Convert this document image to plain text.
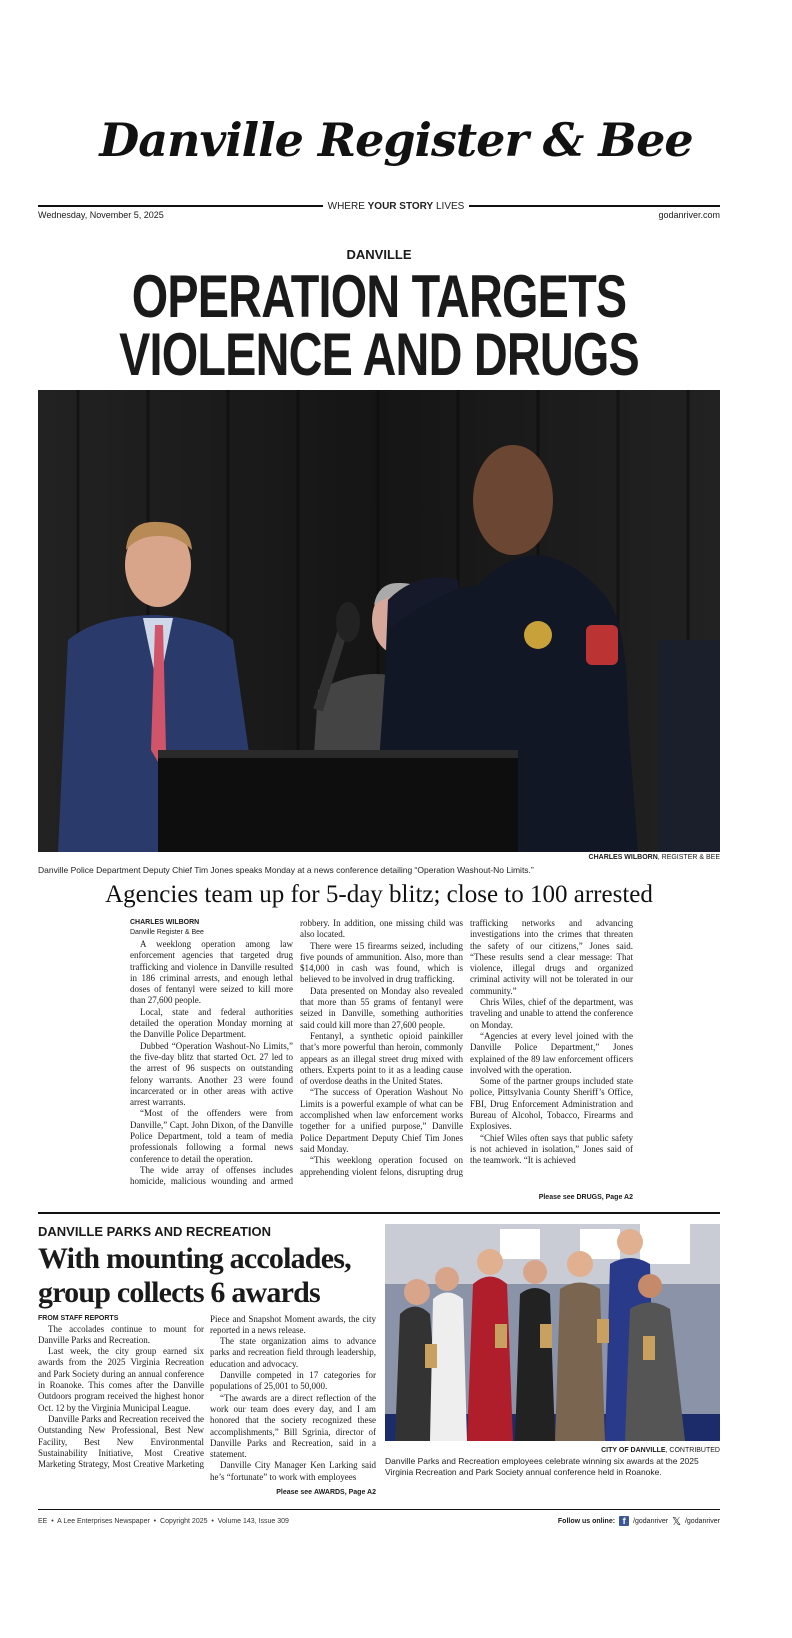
Danville Register & Bee
WHERE YOUR STORY LIVES
Wednesday, November 5, 2025	godanriver.com
DANVILLE
OPERATION TARGETS
VIOLENCE AND DRUGS
CHARLES WILBORN, REGISTER & BEE
Danville Police Department Deputy Chief Tim Jones speaks Monday at a news conference detailing “Operation Washout-No Limits.”
Agencies team up for 5-day blitz; close to 100 arrested

CHARLES WILBORN

Danville Register & Bee

A weeklong operation among law enforcement agencies that targeted drug trafficking and violence in Danville resulted in 186 criminal arrests, and enough lethal doses of fentanyl were seized to kill more than 27,600 people.

Local, state and federal authorities detailed the operation Monday morning at the Danville Police Department.

Dubbed “Operation Washout-No Limits,” the five-day blitz that started Oct. 27 led to the arrest of 96 suspects on outstanding felony warrants. Another 23 were found incarcerated or in other areas with active arrest warrants.

“Most of the offenders were from Danville,” Capt. John Dixon, of the Danville Police Department, told a team of media professionals following a formal news conference to detail the operation.

The wide array of offenses includes homicide, malicious wounding and armed robbery. In addition, one missing child was also located.

There were 15 firearms seized, including five pounds of ammunition. Also, more than $14,000 in cash was found, which is believed to be involved in drug trafficking.

Data presented on Monday also revealed that more than 55 grams of fentanyl were seized in Danville, something authorities said could kill more than 27,600 people.

Fentanyl, a synthetic opioid painkiller that’s more powerful than heroin, commonly appears as an illegal street drug mixed with others. Experts point to it as a leading cause of overdose deaths in the United States.

“The success of Operation Washout No Limits is a powerful example of what can be accomplished when law enforcement works together for a unified purpose,” Danville Police Department Deputy Chief Tim Jones said Monday.

“This weeklong operation focused on apprehending violent felons, disrupting drug trafficking networks and advancing investigations into the crimes that threaten the safety of our citizens,” Jones said. “These results send a clear message: That violence, illegal drugs and organized criminal activity will not be tolerated in our community.”

Chris Wiles, chief of the department, was traveling and unable to attend the conference on Monday.

“Agencies at every level joined with the Danville Police Department,” Jones explained of the 89 law enforcement officers involved with the operation.

Some of the partner groups included state police, Pittsylvania County Sheriff’s Office, FBI, Drug Enforcement Administration and Bureau of Alcohol, Tobacco, Firearms and Explosives.

“Chief Wiles often says that public safety is not achieved in isolation,” Jones said of the teamwork. “It is achieved

Please see DRUGS, Page A2
DANVILLE PARKS AND RECREATION
With mounting accolades, group collects 6 awards

FROM STAFF REPORTS

The accolades continue to mount for Danville Parks and Recreation.

Last week, the city group earned six awards from the 2025 Virginia Recreation and Park Society during an annual conference in Roanoke. This comes after the Danville Outdoors program received the highest honor Oct. 12 by the Virginia Municipal League.

Danville Parks and Recreation received the Outstanding New Professional, Best New Facility, Best New Environmental Sustainability Initiative, Most Creative Marketing Strategy, Most Creative Marketing Piece and Snapshot Moment awards, the city reported in a news release.

The state organization aims to advance parks and recreation field through leadership, education and advocacy.

Danville competed in 17 categories for populations of 25,001 to 50,000.

“The awards are a direct reflection of the work our team does every day, and I am honored that the society recognized these accomplishments,” Bill Sgrinia, director of Danville Parks and Recreation, said in a statement.

Danville City Manager Ken Larking said he’s “fortunate” to work with employees

Please see AWARDS, Page A2
CITY OF DANVILLE, CONTRIBUTED
Danville Parks and Recreation employees celebrate winning six awards at the 2025 Virginia Recreation and Park Society annual conference held in Roanoke.
EE  •  A Lee Enterprises Newspaper  •  Copyright 2025  •  Volume 143, Issue 309	Follow us online: f	/godanriver 𝕏 /godanriver
